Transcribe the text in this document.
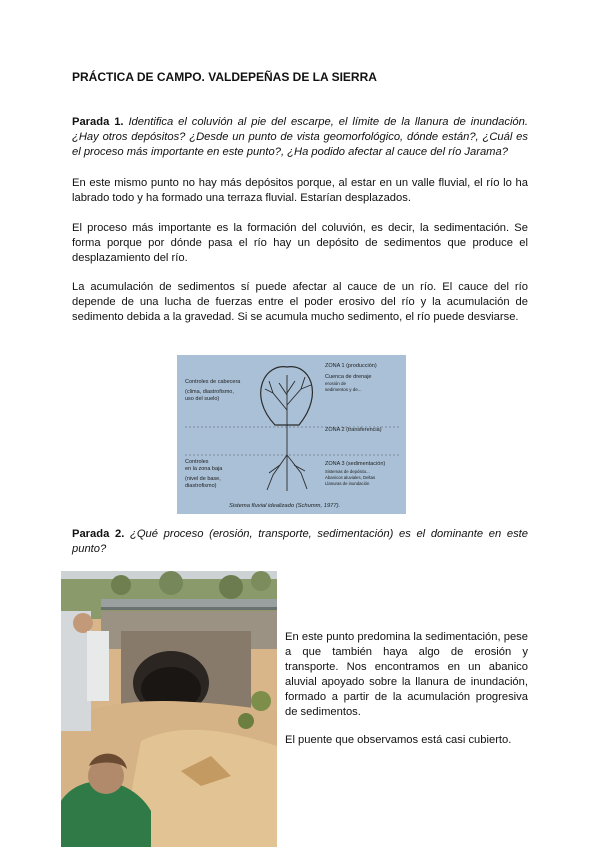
PRÁCTICA DE CAMPO. VALDEPEÑAS DE LA SIERRA

Parada 1. Identifica el coluvión al pie del escarpe, el límite de la llanura de inundación. ¿Hay otros depósitos? ¿Desde un punto de vista geomorfológico, dónde están?, ¿Cuál es el proceso más importante en este punto?, ¿Ha podido afectar al cauce del río Jarama?

En este mismo punto no hay más depósitos porque, al estar en un valle fluvial, el río lo ha labrado todo y ha formado una terraza fluvial. Estarían desplazados.

El proceso más importante es la formación del coluvión, es decir, la sedimentación. Se forma porque por dónde pasa el río hay un depósito de sedimentos que produce el desplazamiento del río.

La acumulación de sedimentos sí puede afectar al cauce de un río. El cauce del río depende de una lucha de fuerzas entre el poder erosivo del río y la acumulación de sedimento debida a la gravedad. Si se acumula mucho sedimento, el río puede desviarse.

Controles de cabecera
(clima, diastrofismo,
uso del suelo)
Controles
en la zona baja
(nivel de base,
diastrofismo)
ZONA 1 (producción)
Cuenca de drenaje
erosión de
sedimentos y de...
ZONA 2 (transferencia)
ZONA 3 (sedimentación)
Sistemas de depósito...
Abanicos aluviales, Deltas
Llanuras de inundación
Sistema fluvial idealizado (Schumm, 1977).

Parada 2. ¿Qué proceso (erosión, transporte, sedimentación) es el dominante en este punto?

En este punto predomina la sedimentación, pese a que también haya algo de erosión y transporte. Nos encontramos en un abanico aluvial apoyado sobre la llanura de inundación, formado a partir de la acumulación progresiva de sedimentos.

El puente que observamos está casi cubierto.
